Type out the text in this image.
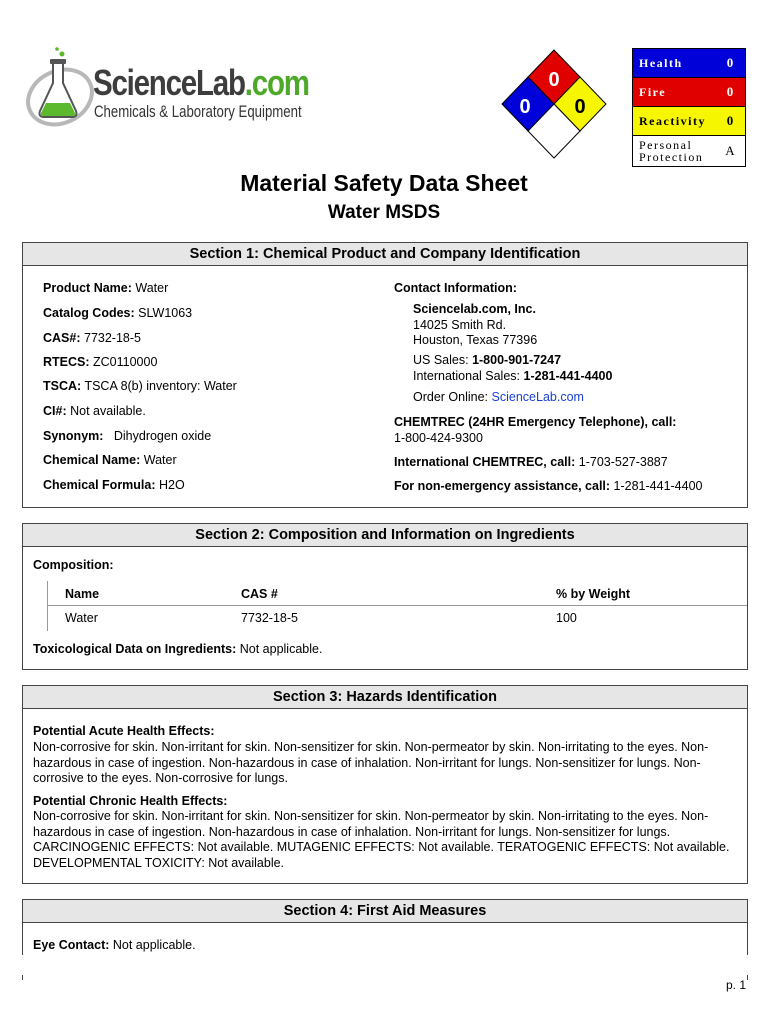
ScienceLab.com
Chemicals & Laboratory Equipment
0
0 0
Health	0
Fire	0
Reactivity	0
Personal
Protection	A
Material Safety Data Sheet
Water MSDS
Section 1: Chemical Product and Company Identification
Product Name: Water
Catalog Codes: SLW1063
CAS#: 7732-18-5
RTECS: ZC0110000
TSCA: TSCA 8(b) inventory: Water
CI#: Not available.
Synonym:   Dihydrogen oxide
Chemical Name: Water
Chemical Formula: H2O
Contact Information:
Sciencelab.com, Inc.
14025 Smith Rd.
Houston, Texas 77396
US Sales: 1-800-901-7247
International Sales: 1-281-441-4400
Order Online: ScienceLab.com
CHEMTREC (24HR Emergency Telephone), call:
1-800-424-9300
International CHEMTREC, call: 1-703-527-3887
For non-emergency assistance, call: 1-281-441-4400
Section 2: Composition and Information on Ingredients
Composition:
Name	CAS #	% by Weight
Water	7732-18-5	100
Toxicological Data on Ingredients: Not applicable.
Section 3: Hazards Identification
Potential Acute Health Effects:
Non-corrosive for skin. Non-irritant for skin. Non-sensitizer for skin. Non-permeator by skin. Non-irritating to the eyes. Non-hazardous in case of ingestion. Non-hazardous in case of inhalation. Non-irritant for lungs. Non-sensitizer for lungs. Non-corrosive to the eyes. Non-corrosive for lungs.
Potential Chronic Health Effects:
Non-corrosive for skin. Non-irritant for skin. Non-sensitizer for skin. Non-permeator by skin. Non-irritating to the eyes. Non-hazardous in case of ingestion. Non-hazardous in case of inhalation. Non-irritant for lungs. Non-sensitizer for lungs. CARCINOGENIC EFFECTS: Not available. MUTAGENIC EFFECTS: Not available. TERATOGENIC EFFECTS: Not available. DEVELOPMENTAL TOXICITY: Not available.
Section 4: First Aid Measures
Eye Contact: Not applicable.
p. 1
